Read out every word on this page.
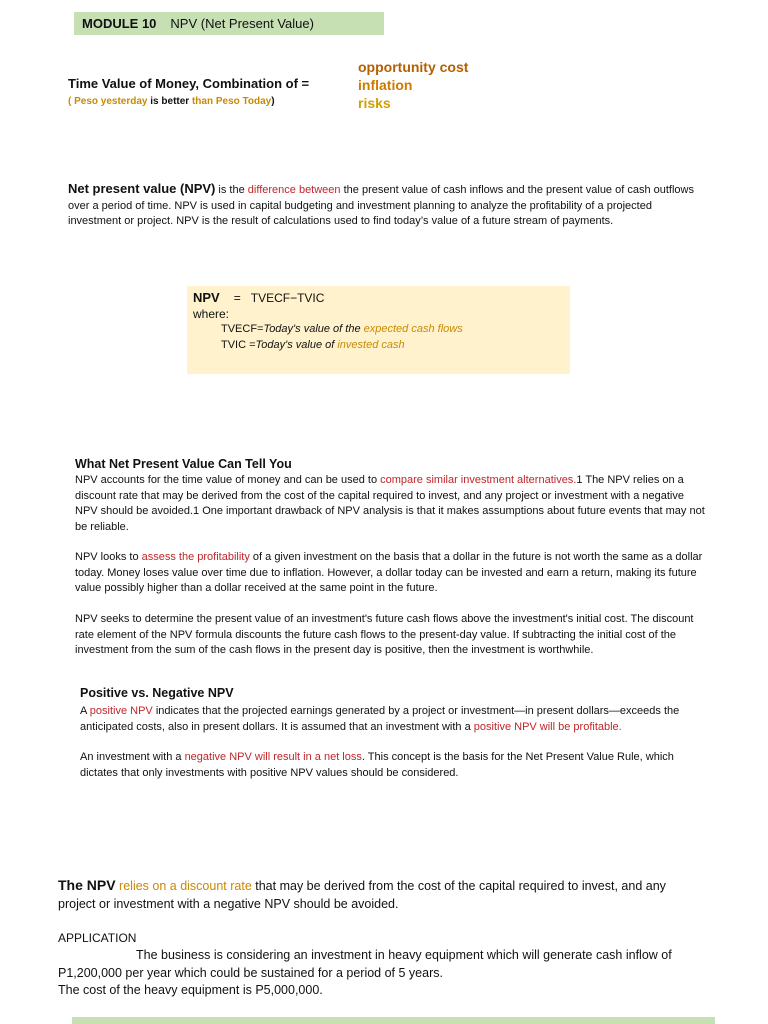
MODULE 10 NPV (Net Present Value)
Time Value of Money, Combination of =
( Peso yesterday is better than Peso Today)
opportunity cost
inflation
risks
Net present value (NPV) is the difference between the present value of cash inflows and the present value of cash outflows over a period of time. NPV is used in capital budgeting and investment planning to analyze the profitability of a projected investment or project. NPV is the result of calculations used to find today’s value of a future stream of payments.
NPV = TVECF−TVIC
where:
TVECF=Today's value of the expected cash flows
TVIC =Today's value of invested cash
What Net Present Value Can Tell You
NPV accounts for the time value of money and can be used to compare similar investment alternatives.1 The NPV relies on a discount rate that may be derived from the cost of the capital required to invest, and any project or investment with a negative NPV should be avoided.1 One important drawback of NPV analysis is that it makes assumptions about future events that may not be reliable.
NPV looks to assess the profitability of a given investment on the basis that a dollar in the future is not worth the same as a dollar today. Money loses value over time due to inflation. However, a dollar today can be invested and earn a return, making its future value possibly higher than a dollar received at the same point in the future.
NPV seeks to determine the present value of an investment's future cash flows above the investment's initial cost. The discount rate element of the NPV formula discounts the future cash flows to the present-day value. If subtracting the initial cost of the investment from the sum of the cash flows in the present day is positive, then the investment is worthwhile.
Positive vs. Negative NPV
A positive NPV indicates that the projected earnings generated by a project or investment—in present dollars—exceeds the anticipated costs, also in present dollars. It is assumed that an investment with a positive NPV will be profitable.
An investment with a negative NPV will result in a net loss. This concept is the basis for the Net Present Value Rule, which dictates that only investments with positive NPV values should be considered.
The NPV relies on a discount rate that may be derived from the cost of the capital required to invest, and any project or investment with a negative NPV should be avoided.
APPLICATION
The business is considering an investment in heavy equipment which will generate cash inflow of P1,200,000 per year which could be sustained for a period of 5 years.
The cost of the heavy equipment is P5,000,000.
